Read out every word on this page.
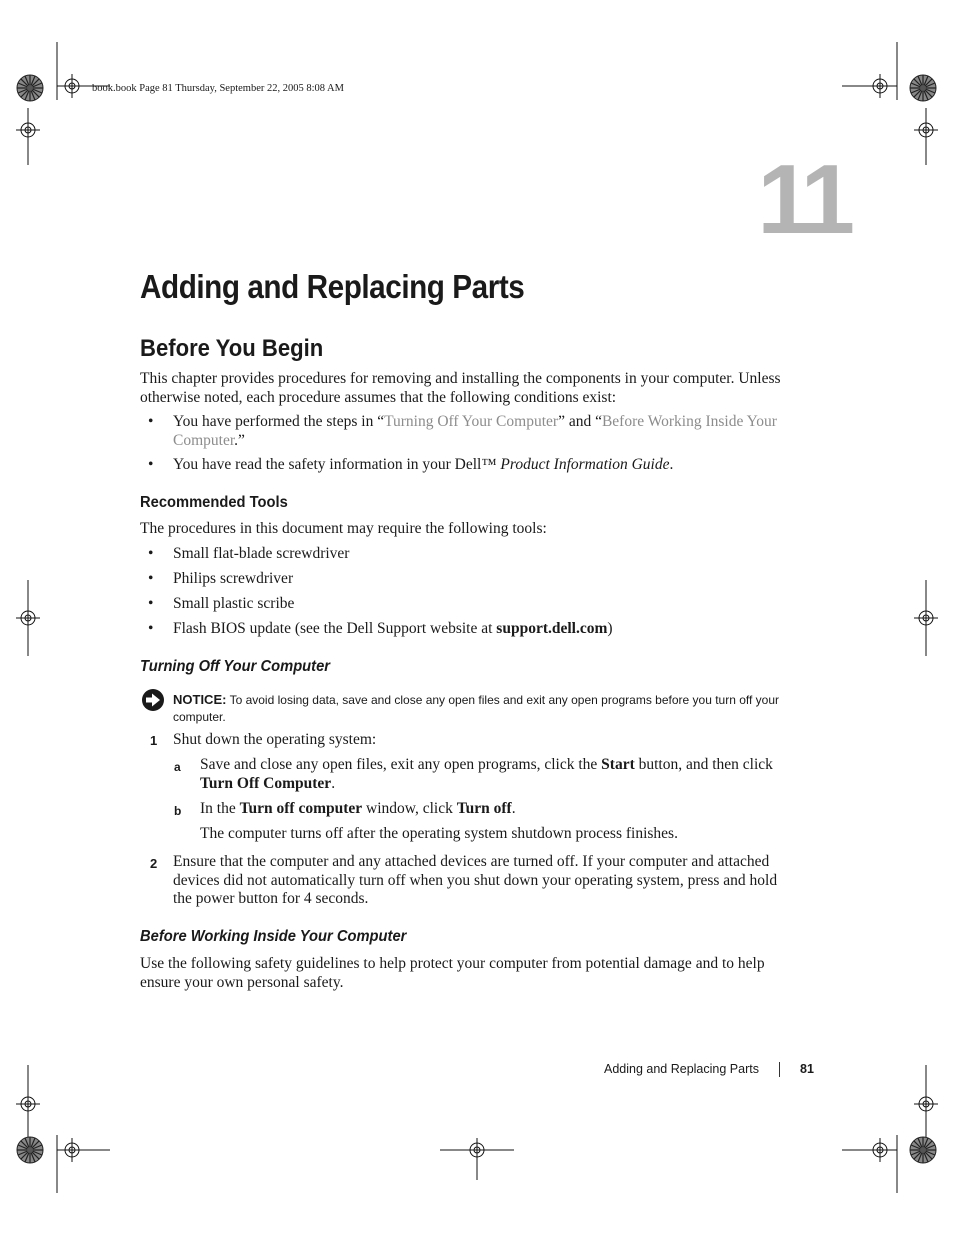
book.book Page 81 Thursday, September 22, 2005 8:08 AM
11
Adding and Replacing Parts
Before You Begin
This chapter provides procedures for removing and installing the components in your computer. Unless otherwise noted, each procedure assumes that the following conditions exist:
• You have performed the steps in “Turning Off Your Computer” and “Before Working Inside Your Computer.”
• You have read the safety information in your Dell™ Product Information Guide.
Recommended Tools
The procedures in this document may require the following tools:
• Small flat-blade screwdriver
• Philips screwdriver
• Small plastic scribe
• Flash BIOS update (see the Dell Support website at support.dell.com)
Turning Off Your Computer
NOTICE: To avoid losing data, save and close any open files and exit any open programs before you turn off your computer.
1 Shut down the operating system:
a Save and close any open files, exit any open programs, click the Start button, and then click Turn Off Computer.
b In the Turn off computer window, click Turn off.
The computer turns off after the operating system shutdown process finishes.
2 Ensure that the computer and any attached devices are turned off. If your computer and attached devices did not automatically turn off when you shut down your operating system, press and hold the power button for 4 seconds.
Before Working Inside Your Computer
Use the following safety guidelines to help protect your computer from potential damage and to help ensure your own personal safety.
Adding and Replacing Parts	81
